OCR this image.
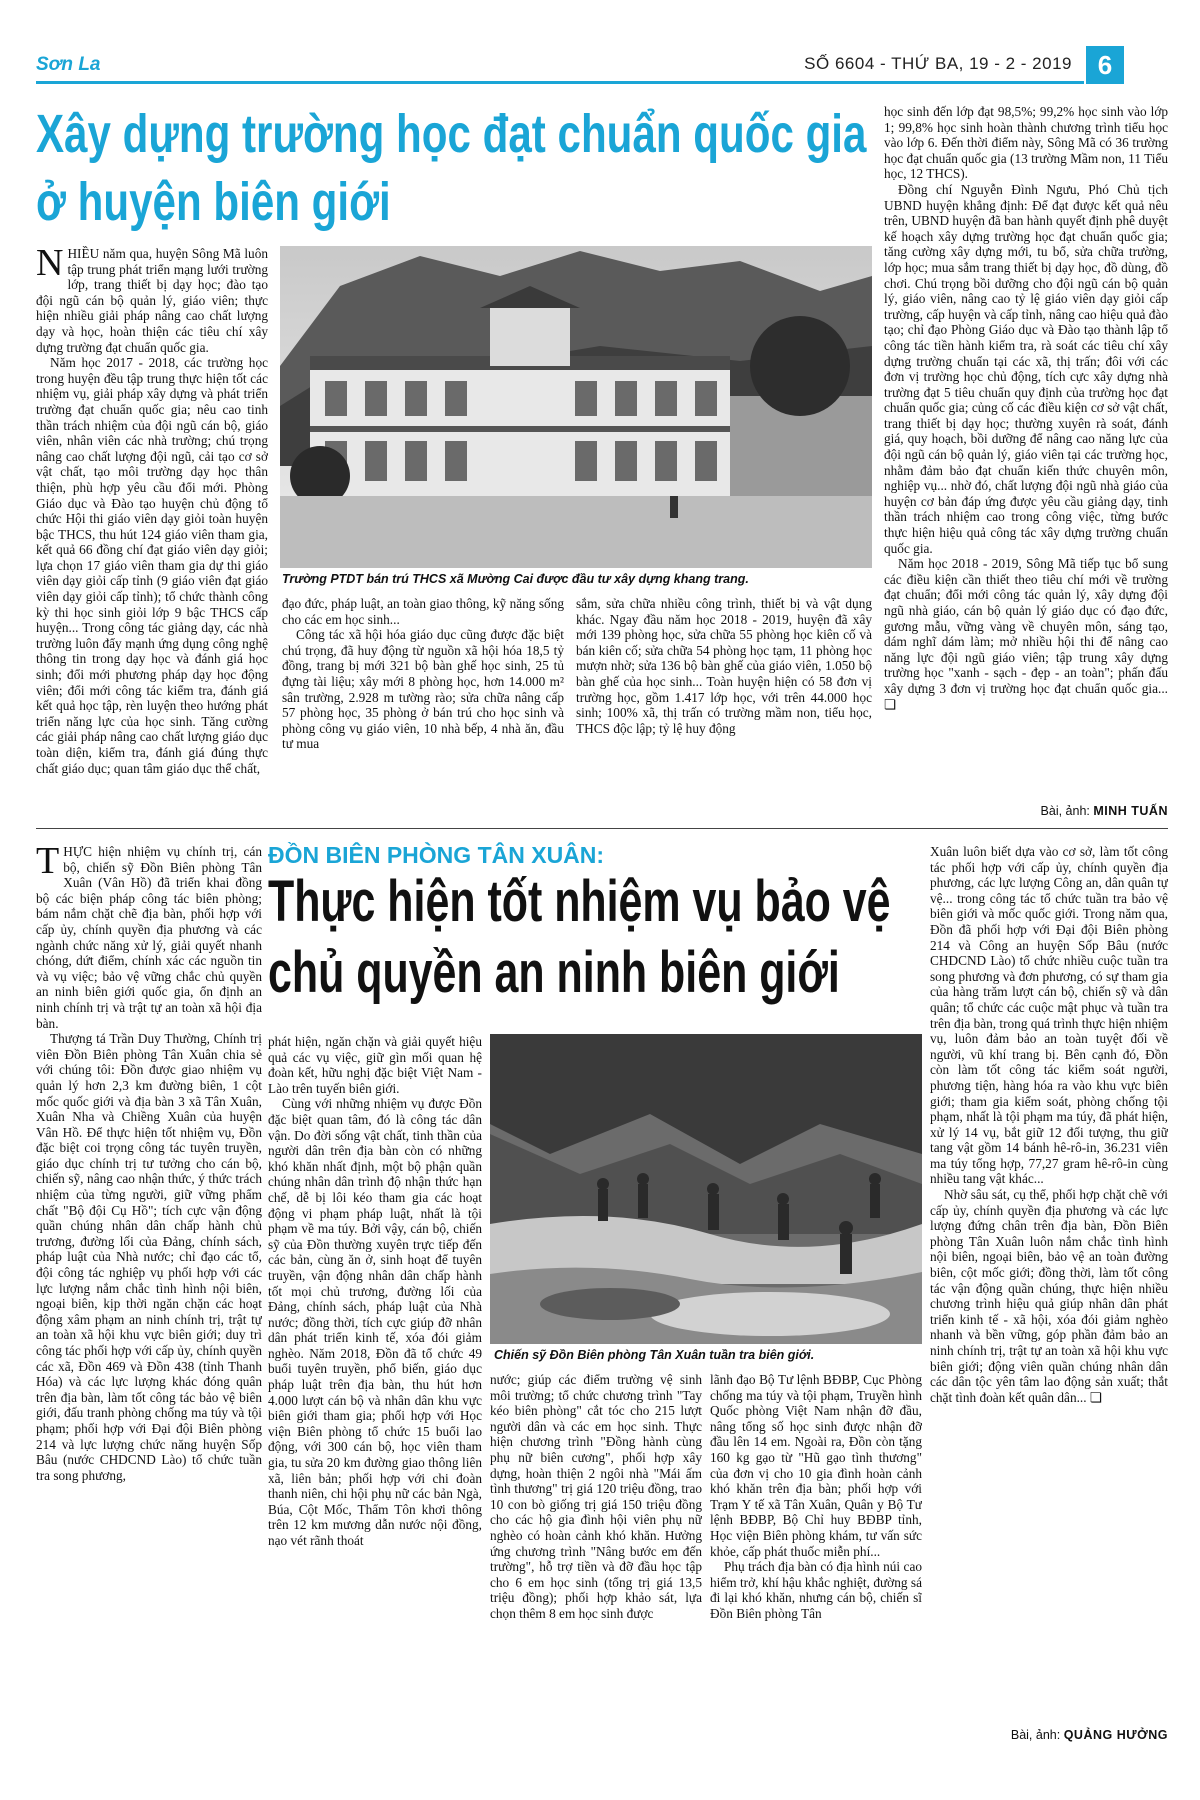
Sơn La	SỐ 6604 - THỨ BA, 19 - 2 - 2019 6
Xây dựng trường học đạt chuẩn quốc gia
ở huyện biên giới

NHIỀU năm qua, huyện Sông Mã luôn tập trung phát triển mạng lưới trường lớp, trang thiết bị dạy học; đào tạo đội ngũ cán bộ quản lý, giáo viên; thực hiện nhiều giải pháp nâng cao chất lượng dạy và học, hoàn thiện các tiêu chí xây dựng trường đạt chuẩn quốc gia.

Năm học 2017 - 2018, các trường học trong huyện đều tập trung thực hiện tốt các nhiệm vụ, giải pháp xây dựng và phát triển trường đạt chuẩn quốc gia; nêu cao tinh thần trách nhiệm của đội ngũ cán bộ, giáo viên, nhân viên các nhà trường; chú trọng nâng cao chất lượng đội ngũ, cải tạo cơ sở vật chất, tạo môi trường dạy học thân thiện, phù hợp yêu cầu đổi mới. Phòng Giáo dục và Đào tạo huyện chủ động tổ chức Hội thi giáo viên dạy giỏi toàn huyện bậc THCS, thu hút 124 giáo viên tham gia, kết quả 66 đồng chí đạt giáo viên dạy giỏi; lựa chọn 17 giáo viên tham gia dự thi giáo viên dạy giỏi cấp tỉnh (9 giáo viên đạt giáo viên dạy giỏi cấp tỉnh); tổ chức thành công kỳ thi học sinh giỏi lớp 9 bậc THCS cấp huyện... Trong công tác giảng dạy, các nhà trường luôn đẩy mạnh ứng dụng công nghệ thông tin trong dạy học và đánh giá học sinh; đổi mới phương pháp dạy học động viên; đổi mới công tác kiểm tra, đánh giá kết quả học tập, rèn luyện theo hướng phát triển năng lực của học sinh. Tăng cường các giải pháp nâng cao chất lượng giáo dục toàn diện, kiểm tra, đánh giá đúng thực chất giáo dục; quan tâm giáo dục thể chất,

Trường PTDT bán trú THCS xã Mường Cai được đầu tư xây dựng khang trang.

đạo đức, pháp luật, an toàn giao thông, kỹ năng sống cho các em học sinh...

Công tác xã hội hóa giáo dục cũng được đặc biệt chú trọng, đã huy động từ nguồn xã hội hóa 18,5 tỷ đồng, trang bị mới 321 bộ bàn ghế học sinh, 25 tủ đựng tài liệu; xây mới 8 phòng học, hơn 14.000 m² sân trường, 2.928 m tường rào; sửa chữa nâng cấp 57 phòng học, 35 phòng ở bán trú cho học sinh và phòng công vụ giáo viên, 10 nhà bếp, 4 nhà ăn, đầu tư mua

sắm, sửa chữa nhiều công trình, thiết bị và vật dụng khác. Ngay đầu năm học 2018 - 2019, huyện đã xây mới 139 phòng học, sửa chữa 55 phòng học kiên cố và bán kiên cố; sửa chữa 54 phòng học tạm, 11 phòng học mượn nhờ; sửa 136 bộ bàn ghế của giáo viên, 1.050 bộ bàn ghế của học sinh... Toàn huyện hiện có 58 đơn vị trường học, gồm 1.417 lớp học, với trên 44.000 học sinh; 100% xã, thị trấn có trường mầm non, tiểu học, THCS độc lập; tỷ lệ huy động

học sinh đến lớp đạt 98,5%; 99,2% học sinh vào lớp 1; 99,8% học sinh hoàn thành chương trình tiểu học vào lớp 6. Đến thời điểm này, Sông Mã có 36 trường học đạt chuẩn quốc gia (13 trường Mầm non, 11 Tiểu học, 12 THCS).

Đồng chí Nguyễn Đình Ngưu, Phó Chủ tịch UBND huyện khẳng định: Để đạt được kết quả nêu trên, UBND huyện đã ban hành quyết định phê duyệt kế hoạch xây dựng trường học đạt chuẩn quốc gia; tăng cường xây dựng mới, tu bổ, sửa chữa trường, lớp học; mua sắm trang thiết bị dạy học, đồ dùng, đồ chơi. Chú trọng bồi dưỡng cho đội ngũ cán bộ quản lý, giáo viên, nâng cao tỷ lệ giáo viên dạy giỏi cấp trường, cấp huyện và cấp tỉnh, nâng cao hiệu quả đào tạo; chỉ đạo Phòng Giáo dục và Đào tạo thành lập tổ công tác tiền hành kiểm tra, rà soát các tiêu chí xây dựng trường chuẩn tại các xã, thị trấn; đôi với các đơn vị trường học chủ động, tích cực xây dựng nhà trường đạt 5 tiêu chuẩn quy định của trường học đạt chuẩn quốc gia; củng cố các điều kiện cơ sở vật chất, trang thiết bị dạy học; thường xuyên rà soát, đánh giá, quy hoạch, bồi dưỡng để nâng cao năng lực của đội ngũ cán bộ quản lý, giáo viên tại các trường học, nhằm đảm bảo đạt chuẩn kiến thức chuyên môn, nghiệp vụ... nhờ đó, chất lượng đội ngũ nhà giáo của huyện cơ bản đáp ứng được yêu cầu giảng dạy, tinh thần trách nhiệm cao trong công việc, từng bước thực hiện hiệu quả công tác xây dựng trường chuẩn quốc gia.

Năm học 2018 - 2019, Sông Mã tiếp tục bổ sung các điều kiện cần thiết theo tiêu chí mới về trường đạt chuẩn; đổi mới công tác quản lý, xây dựng đội ngũ nhà giáo, cán bộ quản lý giáo dục có đạo đức, gương mẫu, vững vàng về chuyên môn, sáng tạo, dám nghĩ dám làm; mở nhiều hội thi để nâng cao năng lực đội ngũ giáo viên; tập trung xây dựng trường học "xanh - sạch - đẹp - an toàn"; phấn đấu xây dựng 3 đơn vị trường học đạt chuẩn quốc gia... ❏

Bài, ảnh: MINH TUẤN

THỰC hiện nhiệm vụ chính trị, cán bộ, chiến sỹ Đồn Biên phòng Tân Xuân (Vân Hồ) đã triển khai đồng bộ các biện pháp công tác biên phòng; bám nắm chặt chẽ địa bàn, phối hợp với cấp ủy, chính quyền địa phương và các ngành chức năng xử lý, giải quyết nhanh chóng, dứt điểm, chính xác các nguồn tin và vụ việc; bảo vệ vững chắc chủ quyền an ninh biên giới quốc gia, ổn định an ninh chính trị và trật tự an toàn xã hội địa bàn.

Thượng tá Trần Duy Thường, Chính trị viên Đồn Biên phòng Tân Xuân chia sẻ với chúng tôi: Đồn được giao nhiệm vụ quản lý hơn 2,3 km đường biên, 1 cột mốc quốc giới và địa bàn 3 xã Tân Xuân, Xuân Nha và Chiềng Xuân của huyện Vân Hồ. Để thực hiện tốt nhiệm vụ, Đồn đặc biệt coi trọng công tác tuyên truyền, giáo dục chính trị tư tưởng cho cán bộ, chiến sỹ, nâng cao nhận thức, ý thức trách nhiệm của từng người, giữ vững phẩm chất "Bộ đội Cụ Hồ"; tích cực vận động quần chúng nhân dân chấp hành chủ trương, đường lối của Đảng, chính sách, pháp luật của Nhà nước; chỉ đạo các tổ, đội công tác nghiệp vụ phối hợp với các lực lượng nắm chắc tình hình nội biên, ngoại biên, kịp thời ngăn chặn các hoạt động xâm phạm an ninh chính trị, trật tự an toàn xã hội khu vực biên giới; duy trì công tác phối hợp với cấp ủy, chính quyền các xã, Đồn 469 và Đồn 438 (tỉnh Thanh Hóa) và các lực lượng khác đóng quân trên địa bàn, làm tốt công tác bảo vệ biên giới, đấu tranh phòng chống ma túy và tội phạm; phối hợp với Đại đội Biên phòng 214 và lực lượng chức năng huyện Sốp Bâu (nước CHDCND Lào) tổ chức tuần tra song phương,

ĐỒN BIÊN PHÒNG TÂN XUÂN:
Thực hiện tốt nhiệm vụ bảo vệ
chủ quyền an ninh biên giới

phát hiện, ngăn chặn và giải quyết hiệu quả các vụ việc, giữ gìn mối quan hệ đoàn kết, hữu nghị đặc biệt Việt Nam - Lào trên tuyến biên giới.

Cùng với những nhiệm vụ được Đồn đặc biệt quan tâm, đó là công tác dân vận. Do đời sống vật chất, tinh thần của người dân trên địa bàn còn có những khó khăn nhất định, một bộ phận quần chúng nhân dân trình độ nhận thức hạn chế, dễ bị lôi kéo tham gia các hoạt động vi phạm pháp luật, nhất là tội phạm về ma túy. Bởi vậy, cán bộ, chiến sỹ của Đồn thường xuyên trực tiếp đến các bản, cùng ăn ở, sinh hoạt để tuyên truyền, vận động nhân dân chấp hành tốt mọi chủ trương, đường lối của Đảng, chính sách, pháp luật của Nhà nước; đồng thời, tích cực giúp đỡ nhân dân phát triển kinh tế, xóa đói giảm nghèo. Năm 2018, Đồn đã tổ chức 49 buổi tuyên truyền, phổ biến, giáo dục pháp luật trên địa bàn, thu hút hơn 4.000 lượt cán bộ và nhân dân khu vực biên giới tham gia; phối hợp với Học viện Biên phòng tổ chức 15 buổi lao động, với 300 cán bộ, học viên tham gia, tu sửa 20 km đường giao thông liên xã, liên bản; phối hợp với chi đoàn thanh niên, chi hội phụ nữ các bản Ngà, Búa, Cột Mốc, Thẩm Tôn khơi thông trên 12 km mương dẫn nước nội đồng, nạo vét rãnh thoát

Chiến sỹ Đồn Biên phòng Tân Xuân tuần tra biên giới.

nước; giúp các điểm trường vệ sinh môi trường; tổ chức chương trình "Tay kéo biên phòng" cắt tóc cho 215 lượt người dân và các em học sinh. Thực hiện chương trình "Đồng hành cùng phụ nữ biên cương", phối hợp xây dựng, hoàn thiện 2 ngôi nhà "Mái ấm tình thương" trị giá 120 triệu đồng, trao 10 con bò giống trị giá 150 triệu đồng cho các hộ gia đình hội viên phụ nữ nghèo có hoàn cảnh khó khăn. Hưởng ứng chương trình "Nâng bước em đến trường", hỗ trợ tiền và đỡ đầu học tập cho 6 em học sinh (tổng trị giá 13,5 triệu đồng); phối hợp khảo sát, lựa chọn thêm 8 em học sinh được

lãnh đạo Bộ Tư lệnh BĐBP, Cục Phòng chống ma túy và tội phạm, Truyền hình Quốc phòng Việt Nam nhận đỡ đầu, nâng tổng số học sinh được nhận đỡ đầu lên 14 em. Ngoài ra, Đồn còn tặng 160 kg gạo từ "Hũ gạo tình thương" của đơn vị cho 10 gia đình hoàn cảnh khó khăn trên địa bàn; phối hợp với Trạm Y tế xã Tân Xuân, Quân y Bộ Tư lệnh BĐBP, Bộ Chỉ huy BĐBP tỉnh, Học viện Biên phòng khám, tư vấn sức khỏe, cấp phát thuốc miễn phí...

Phụ trách địa bàn có địa hình núi cao hiểm trở, khí hậu khắc nghiệt, đường sá đi lại khó khăn, nhưng cán bộ, chiến sĩ Đồn Biên phòng Tân

Xuân luôn biết dựa vào cơ sở, làm tốt công tác phối hợp với cấp ủy, chính quyền địa phương, các lực lượng Công an, dân quân tự vệ... trong công tác tổ chức tuần tra bảo vệ biên giới và mốc quốc giới. Trong năm qua, Đồn đã phối hợp với Đại đội Biên phòng 214 và Công an huyện Sốp Bâu (nước CHDCND Lào) tổ chức nhiều cuộc tuần tra song phương và đơn phương, có sự tham gia của hàng trăm lượt cán bộ, chiến sỹ và dân quân; tổ chức các cuộc mật phục và tuần tra trên địa bàn, trong quá trình thực hiện nhiệm vụ, luôn đảm bảo an toàn tuyệt đối về người, vũ khí trang bị. Bên cạnh đó, Đồn còn làm tốt công tác kiểm soát người, phương tiện, hàng hóa ra vào khu vực biên giới; tham gia kiểm soát, phòng chống tội phạm, nhất là tội phạm ma túy, đã phát hiện, xử lý 14 vụ, bắt giữ 12 đối tượng, thu giữ tang vật gồm 14 bánh hê-rô-in, 36.231 viên ma túy tổng hợp, 77,27 gram hê-rô-in cùng nhiều tang vật khác...

Nhờ sâu sát, cụ thể, phối hợp chặt chẽ với cấp ủy, chính quyền địa phương và các lực lượng đứng chân trên địa bàn, Đồn Biên phòng Tân Xuân luôn nắm chắc tình hình nội biên, ngoại biên, bảo vệ an toàn đường biên, cột mốc giới; đồng thời, làm tốt công tác vận động quần chúng, thực hiện nhiều chương trình hiệu quả giúp nhân dân phát triển kinh tế - xã hội, xóa đói giảm nghèo nhanh và bền vững, góp phần đảm bảo an ninh chính trị, trật tự an toàn xã hội khu vực biên giới; động viên quần chúng nhân dân các dân tộc yên tâm lao động sản xuất; thắt chặt tình đoàn kết quân dân... ❏

Bài, ảnh: QUẢNG HƯỞNG
